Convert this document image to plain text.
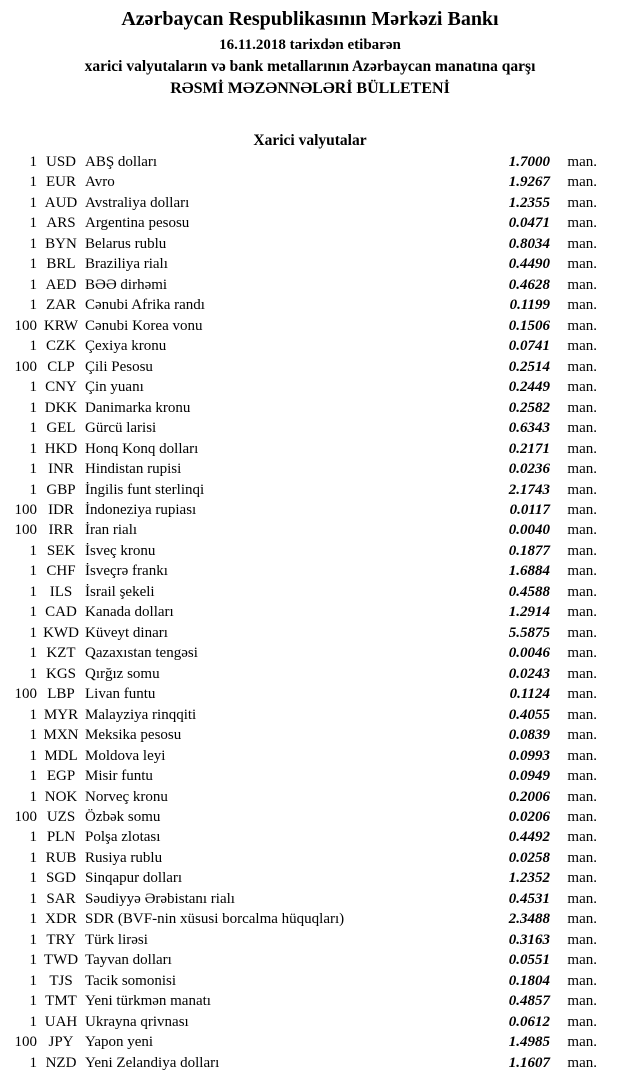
Azərbaycan Respublikasının Mərkəzi Bankı
16.11.2018 tarixdən etibarən
xarici valyutaların və bank metallarının Azərbaycan manatına qarşı
RƏSMİ MƏZƏNNƏLƏRİ BÜLLETENİ
Xarici valyutalar
1 USD ABŞ dolları	1.7000	man.
1 EUR Avro	1.9267	man.
1 AUD Avstraliya dolları	1.2355	man.
1 ARS Argentina pesosu	0.0471	man.
1 BYN Belarus rublu	0.8034	man.
1 BRL Braziliya rialı	0.4490	man.
1 AED BƏƏ dirhəmi	0.4628	man.
1 ZAR Cənubi Afrika randı	0.1199	man.
100 KRW Cənubi Korea vonu	0.1506	man.
1 CZK Çexiya kronu	0.0741	man.
100 CLP Çili Pesosu	0.2514	man.
1 CNY Çin yuanı	0.2449	man.
1 DKK Danimarka kronu	0.2582	man.
1 GEL Gürcü larisi	0.6343	man.
1 HKD Honq Konq dolları	0.2171	man.
1 INR Hindistan rupisi	0.0236	man.
1 GBP İngilis funt sterlinqi	2.1743	man.
100 IDR İndoneziya rupiası	0.0117	man.
100 IRR İran rialı	0.0040	man.
1 SEK İsveç kronu	0.1877	man.
1 CHF İsveçrə frankı	1.6884	man.
1 ILS İsrail şekeli	0.4588	man.
1 CAD Kanada dolları	1.2914	man.
1 KWD Küveyt dinarı	5.5875	man.
1 KZT Qazaxıstan tengəsi	0.0046	man.
1 KGS Qırğız somu	0.0243	man.
100 LBP Livan funtu	0.1124	man.
1 MYR Malayziya rinqqiti	0.4055	man.
1 MXN Meksika pesosu	0.0839	man.
1 MDL Moldova leyi	0.0993	man.
1 EGP Misir funtu	0.0949	man.
1 NOK Norveç kronu	0.2006	man.
100 UZS Özbək somu	0.0206	man.
1 PLN Polşa zlotası	0.4492	man.
1 RUB Rusiya rublu	0.0258	man.
1 SGD Sinqapur dolları	1.2352	man.
1 SAR Səudiyyə Ərəbistanı rialı	0.4531	man.
1 XDR SDR (BVF-nin xüsusi borcalma hüquqları)	2.3488	man.
1 TRY Türk lirəsi	0.3163	man.
1 TWD Tayvan dolları	0.0551	man.
1 TJS Tacik somonisi	0.1804	man.
1 TMT Yeni türkmən manatı	0.4857	man.
1 UAH Ukrayna qrivnası	0.0612	man.
100 JPY Yapon yeni	1.4985	man.
1 NZD Yeni Zelandiya dolları	1.1607	man.
